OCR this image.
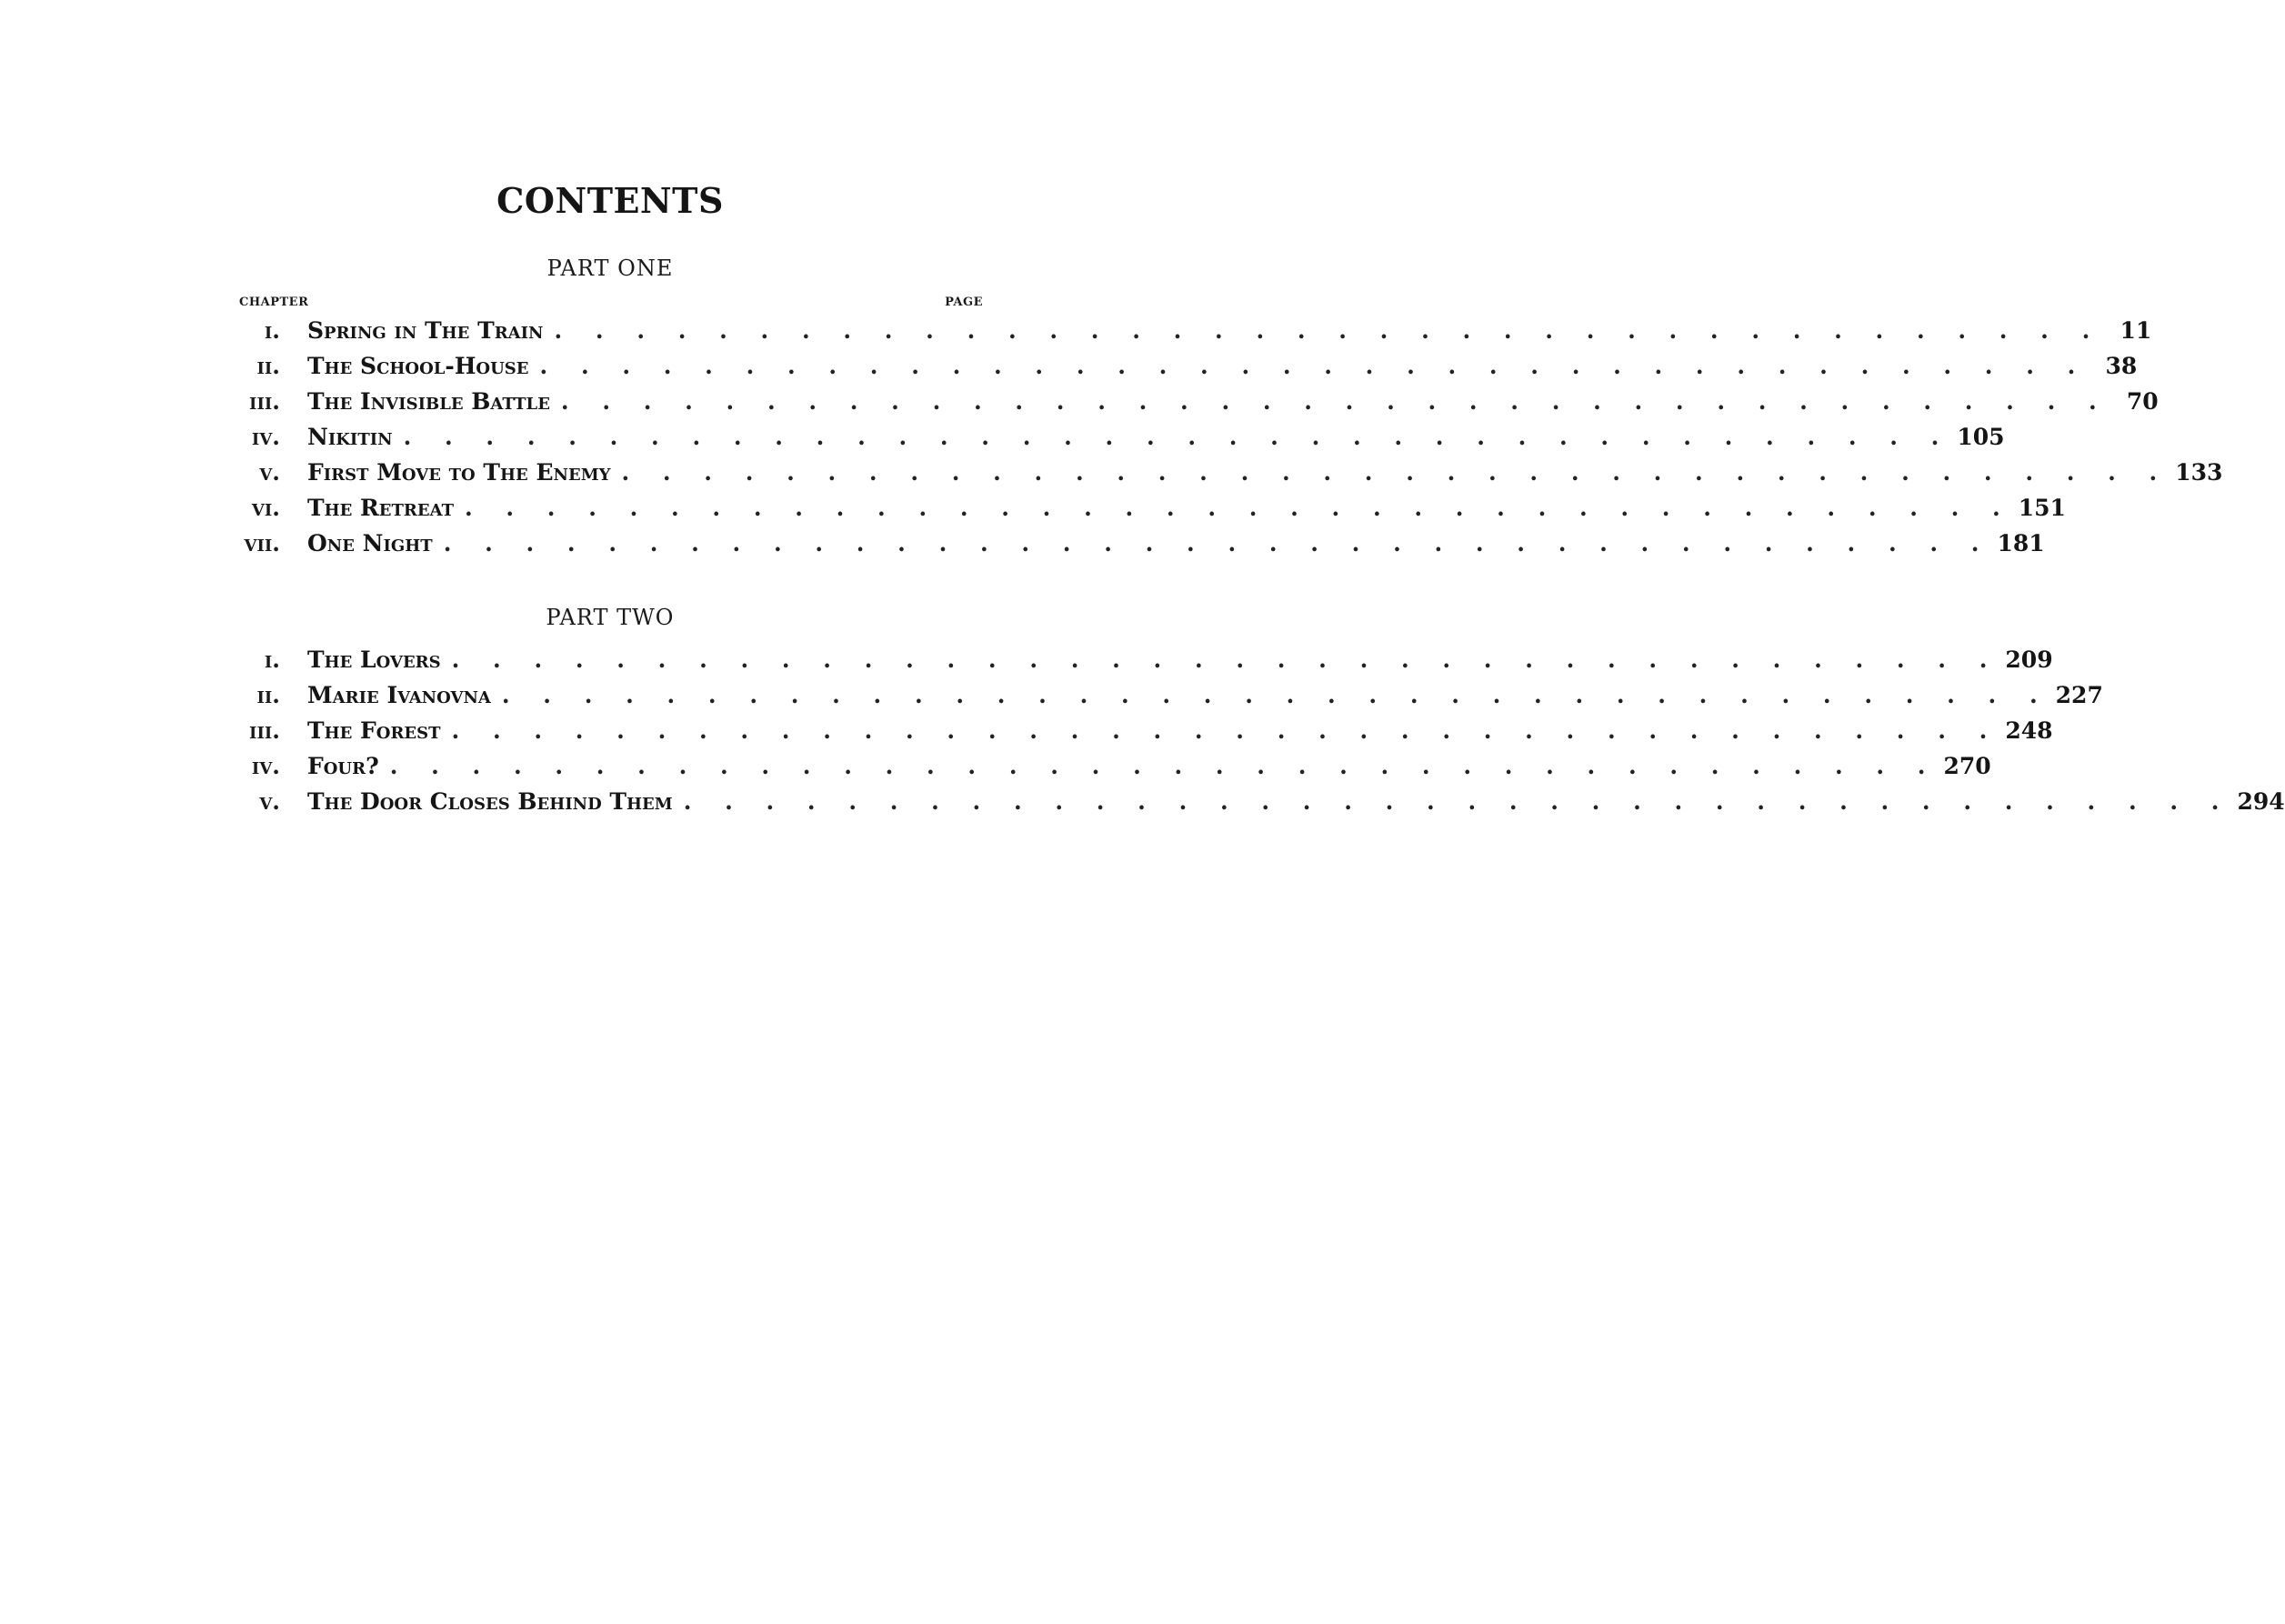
CONTENTS
PART ONE
CHAPTER	PAGE
i. Spring in The Train . . . . . . . . . . . . . . . . . . . . . . . . . . . . . . . . . . . . . . 11
ii. The School-House . . . . . . . . . . . . . . . . . . . . . . . . . . . . . . . . . . . . . . 38
iii. The Invisible Battle . . . . . . . . . . . . . . . . . . . . . . . . . . . . . . . . . . . . . . 70
iv. Nikitin . . . . . . . . . . . . . . . . . . . . . . . . . . . . . . . . . . . . . . 105
v. First Move to The Enemy . . . . . . . . . . . . . . . . . . . . . . . . . . . . . . . . . . . . . . 133
vi. The Retreat . . . . . . . . . . . . . . . . . . . . . . . . . . . . . . . . . . . . . . 151
vii. One Night . . . . . . . . . . . . . . . . . . . . . . . . . . . . . . . . . . . . . . 181
PART TWO
i. The Lovers . . . . . . . . . . . . . . . . . . . . . . . . . . . . . . . . . . . . . . 209
ii. Marie Ivanovna . . . . . . . . . . . . . . . . . . . . . . . . . . . . . . . . . . . . . . 227
iii. The Forest . . . . . . . . . . . . . . . . . . . . . . . . . . . . . . . . . . . . . . 248
iv. Four? . . . . . . . . . . . . . . . . . . . . . . . . . . . . . . . . . . . . . . 270
v. The Door Closes Behind Them . . . . . . . . . . . . . . . . . . . . . . . . . . . . . . . . . . . . . . 294
